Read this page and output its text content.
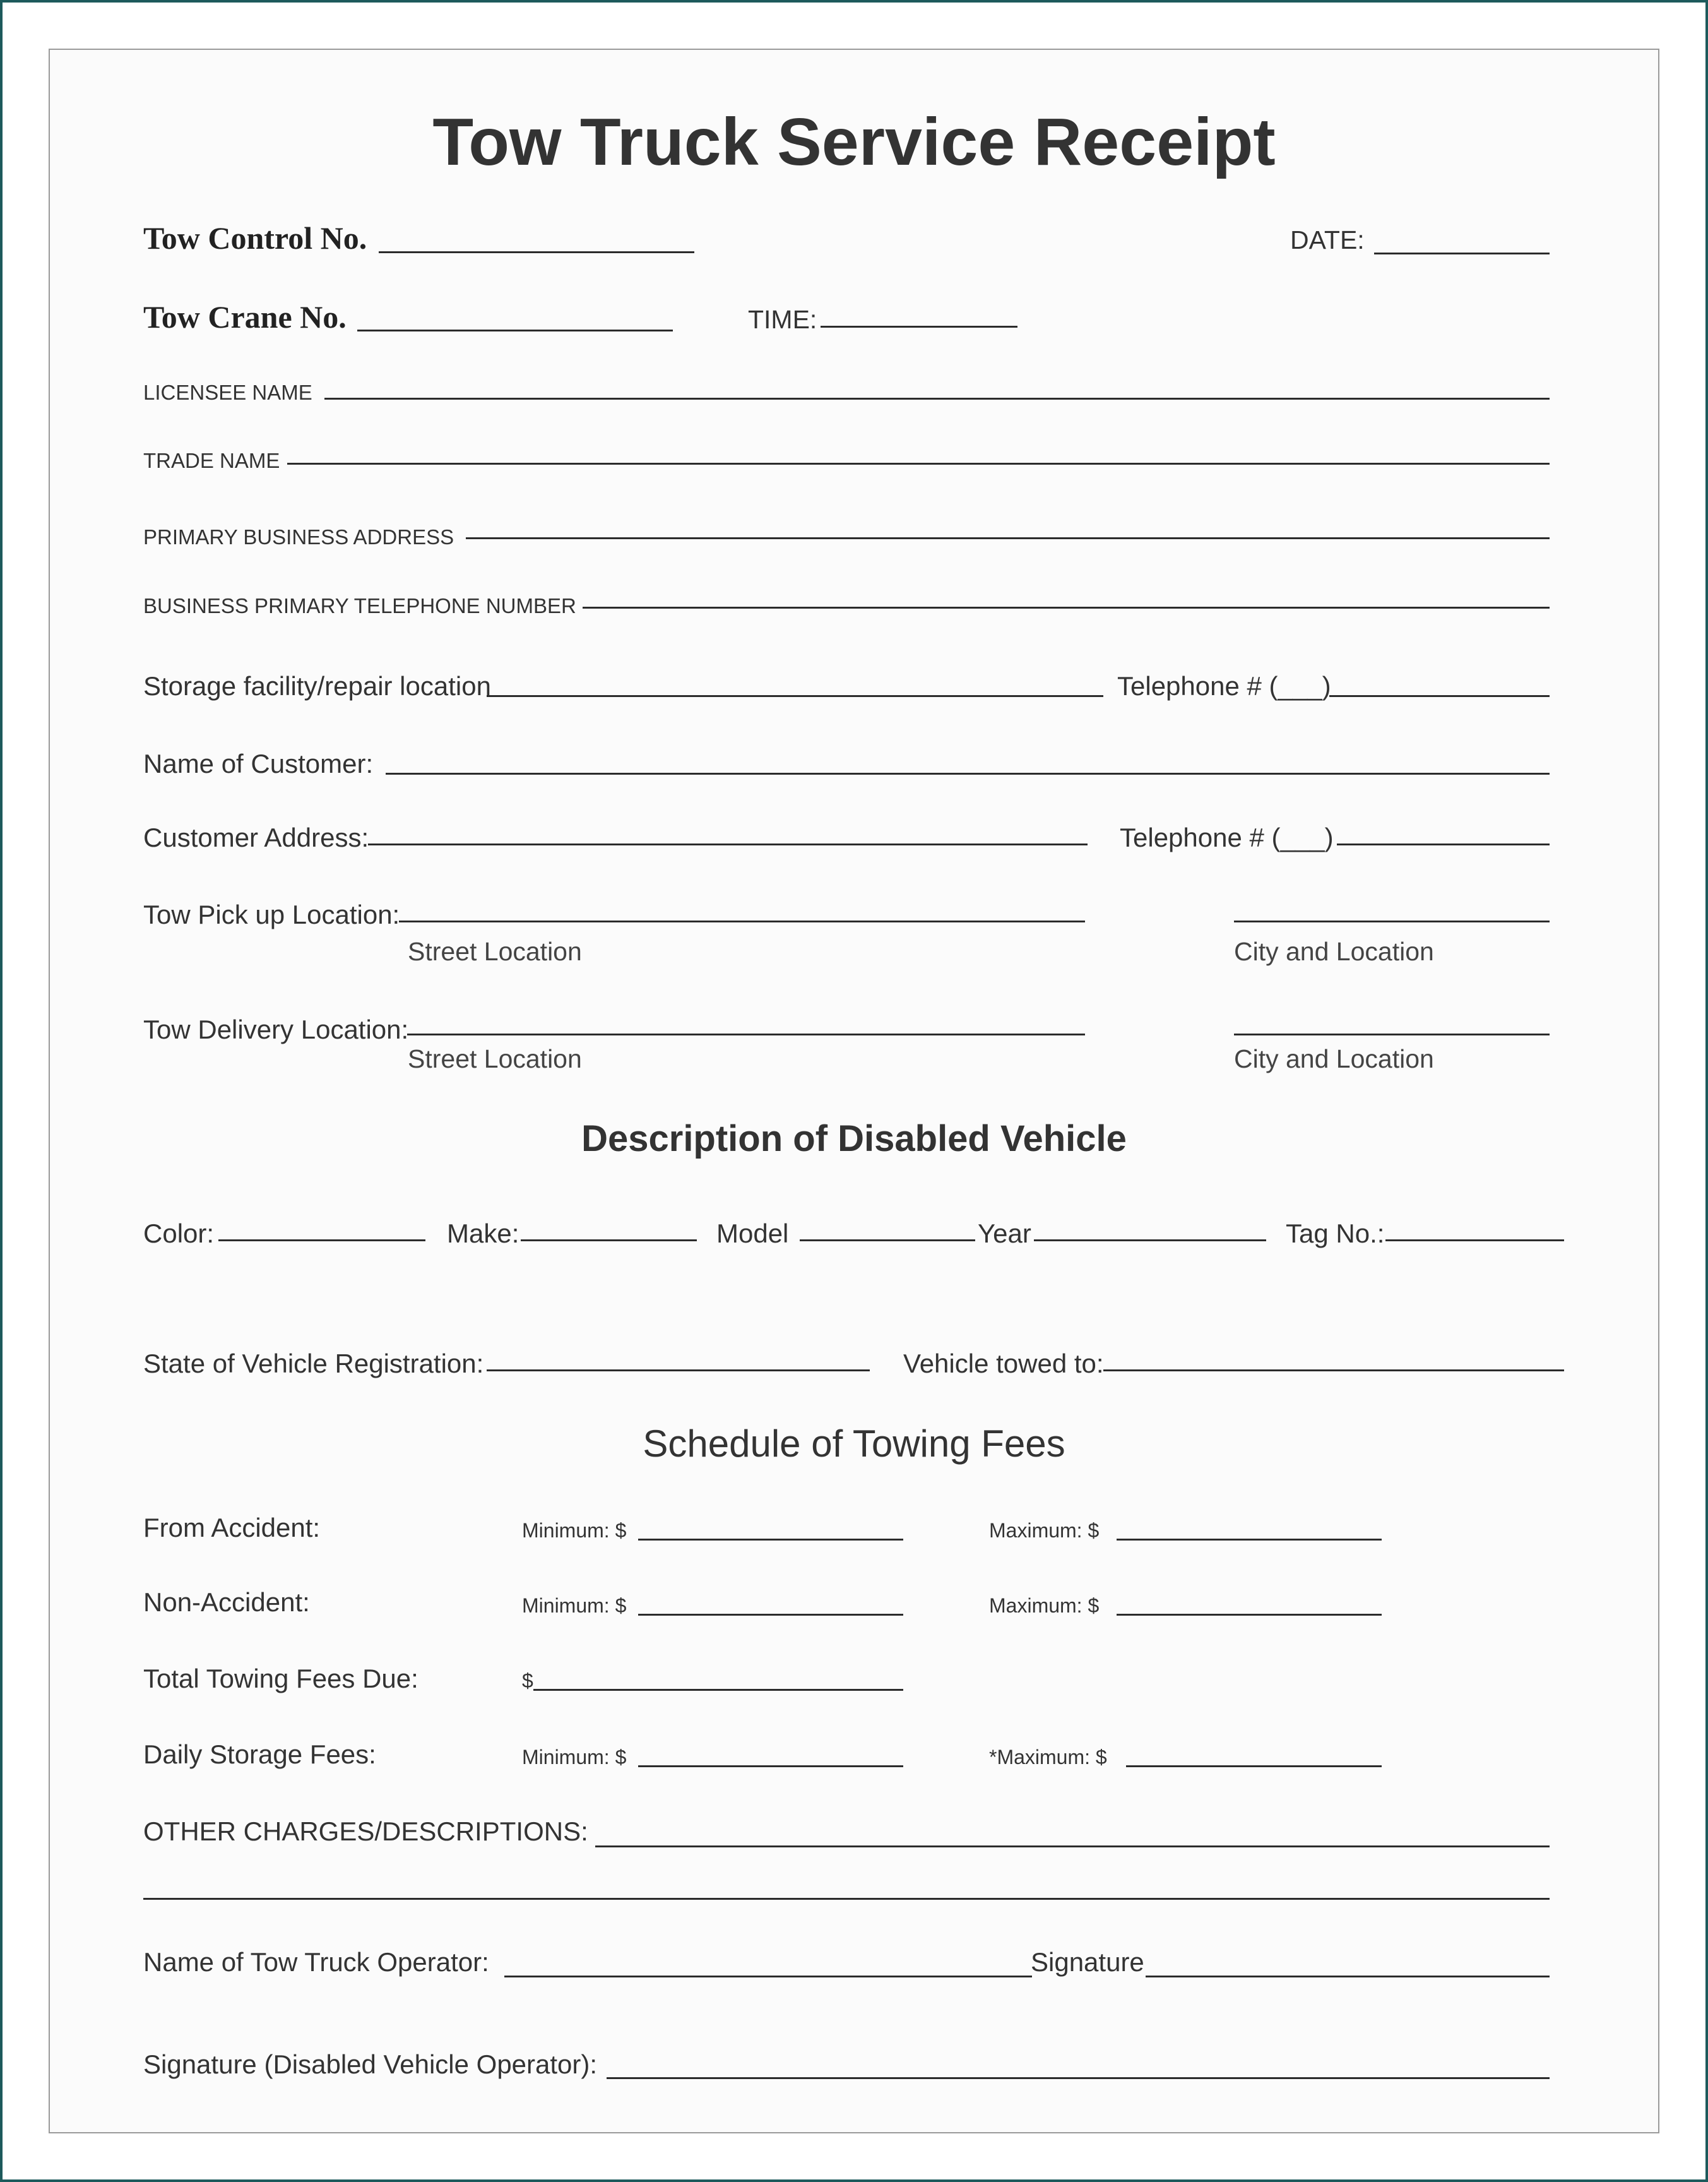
Tow Truck Service Receipt
Tow Control No.	DATE:
Tow Crane No.	TIME:
LICENSEE NAME
TRADE NAME
PRIMARY BUSINESS ADDRESS
BUSINESS PRIMARY TELEPHONE NUMBER
Storage facility/repair location	Telephone # (___)
Name of Customer:
Customer Address:	Telephone # (___)
Tow Pick up Location:
Street Location	City and Location
Tow Delivery Location:
Street Location	City and Location
Description of Disabled Vehicle
Color:	Make:	Model	Year	Tag No.:
State of Vehicle Registration:	Vehicle towed to:
Schedule of Towing Fees
From Accident:	Minimum: $	Maximum: $
Non-Accident:	Minimum: $	Maximum: $
Total Towing Fees Due:	$
Daily Storage Fees:	Minimum: $	*Maximum: $
OTHER CHARGES/DESCRIPTIONS:
Name of Tow Truck Operator:	Signature
Signature (Disabled Vehicle Operator):
